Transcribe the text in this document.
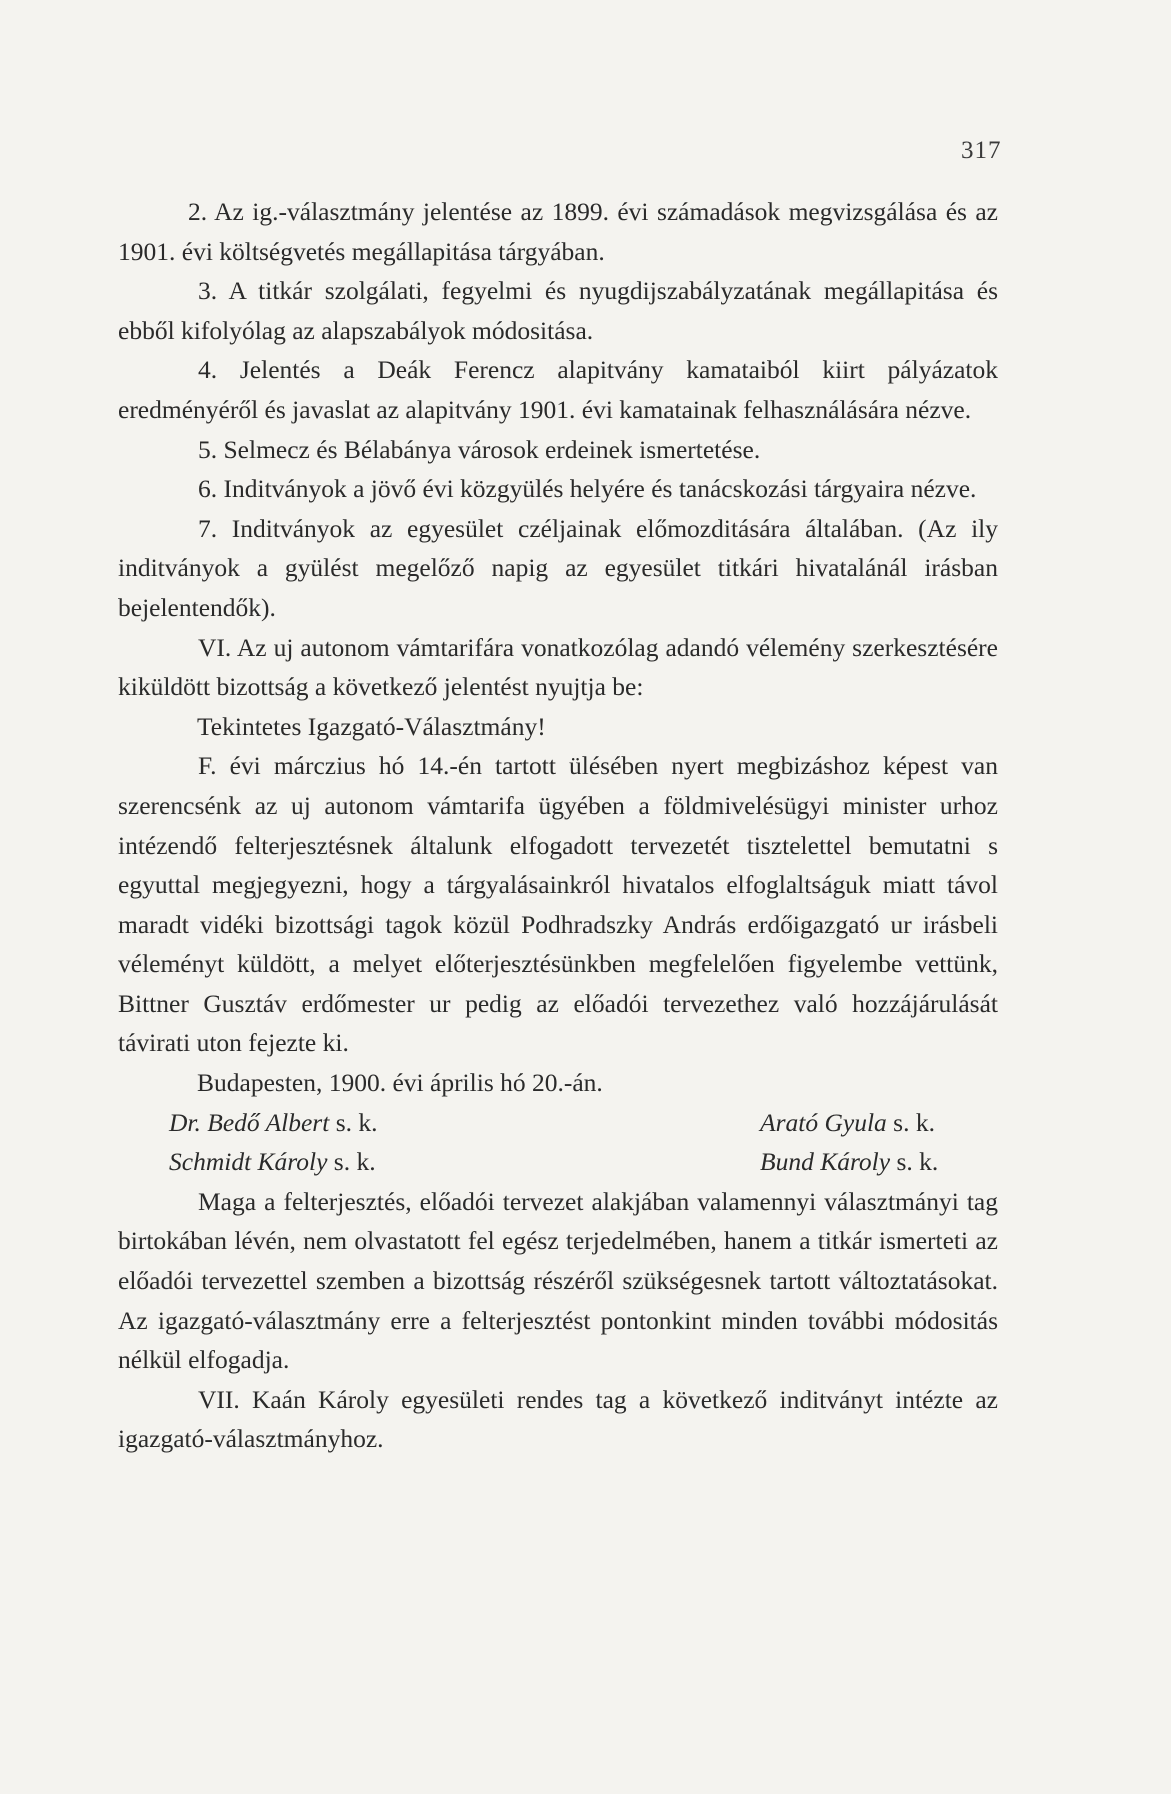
317

2. Az ig.-választmány jelentése az 1899. évi számadások megvizsgálása és az 1901. évi költségvetés megállapitása tárgyában.

3. A titkár szolgálati, fegyelmi és nyugdijszabályzatának megállapitása és ebből kifolyólag az alapszabályok módositása.

4. Jelentés a Deák Ferencz alapitvány kamataiból kiirt pályázatok eredményéről és javaslat az alapitvány 1901. évi kamatainak felhasználására nézve.

5. Selmecz és Bélabánya városok erdeinek ismertetése.

6. Inditványok a jövő évi közgyülés helyére és tanácskozási tárgyaira nézve.

7. Inditványok az egyesület czéljainak előmozditására általában. (Az ily inditványok a gyülést megelőző napig az egyesület titkári hivatalánál irásban bejelentendők).

VI. Az uj autonom vámtarifára vonatkozólag adandó vélemény szerkesztésére kiküldött bizottság a következő jelentést nyujtja be:

Tekintetes Igazgató-Választmány!

F. évi márczius hó 14.-én tartott ülésében nyert megbizáshoz képest van szerencsénk az uj autonom vámtarifa ügyében a földmivelésügyi minister urhoz intézendő felterjesztésnek általunk elfogadott tervezetét tisztelettel bemutatni s egyuttal megjegyezni, hogy a tárgyalásainkról hivatalos elfoglaltságuk miatt távol maradt vidéki bizottsági tagok közül Podhradszky András erdőigazgató ur irásbeli véleményt küldött, a melyet előterjesztésünkben megfelelően figyelembe vettünk, Bittner Gusztáv erdőmester ur pedig az előadói tervezethez való hozzájárulását távirati uton fejezte ki.

Budapesten, 1900. évi április hó 20.-án.

Dr. Bedő Albert s. k.	Arató Gyula s. k.
Schmidt Károly s. k.	Bund Károly s. k.

Maga a felterjesztés, előadói tervezet alakjában valamennyi választmányi tag birtokában lévén, nem olvastatott fel egész terjedelmében, hanem a titkár ismerteti az előadói tervezettel szemben a bizottság részéről szükségesnek tartott változtatásokat. Az igazgató-választmány erre a felterjesztést pontonkint minden további módositás nélkül elfogadja.

VII. Kaán Károly egyesületi rendes tag a következő inditványt intézte az igazgató-választmányhoz.
